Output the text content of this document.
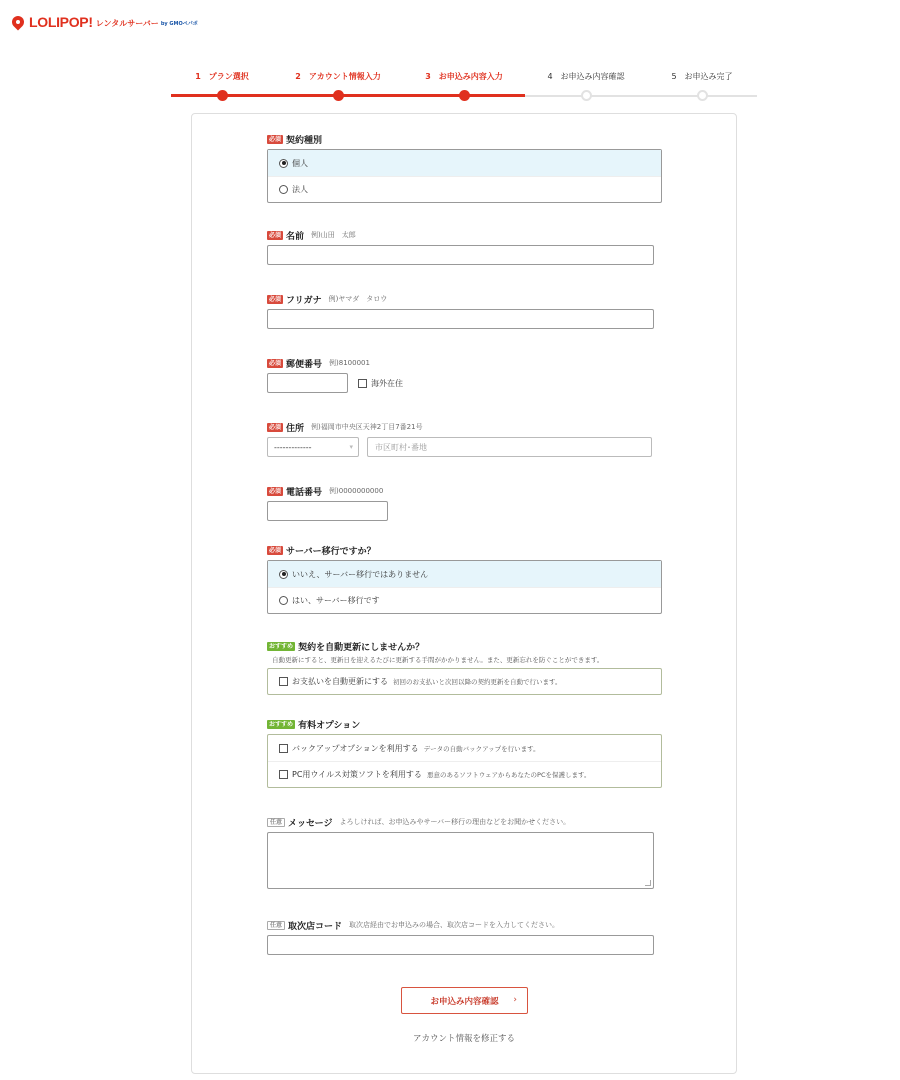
LOLIPOP! レンタルサーバー by GMOペパボ
1　 プラン選択	2　 アカウント情報入力	3　 お申込み内容入力	4　 お申込み内容確認	5　 お申込み完了
必須 契約種別
個人
法人
必須 名前 例)山田　太郎
必須 フリガナ 例)ヤマダ　タロウ
必須 郵便番号 例)8100001
海外在住
必須 住所 例)福岡市中央区天神2丁目7番21号
-------------	▾	市区町村･番地
必須 電話番号 例)0000000000
必須 サーバー移行ですか？
いいえ、サーバー移行ではありません
はい、サーバー移行です
おすすめ 契約を自動更新にしませんか？
自動更新にすると、更新日を迎えるたびに更新する手間がかかりません。また、更新忘れを防ぐことができます。
お支払いを自動更新にする 初回のお支払いと次回以降の契約更新を自動で行います。
おすすめ 有料オプション
バックアップオプションを利用する データの自動バックアップを行います。
PC用ウイルス対策ソフトを利用する 悪意のあるソフトウェアからあなたのPCを保護します。
任意 メッセージ よろしければ、お申込みやサーバー移行の理由などをお聞かせください。
任意 取次店コード 取次店経由でお申込みの場合、取次店コードを入力してください。
お申込み内容確認 ›
アカウント情報を修正する
